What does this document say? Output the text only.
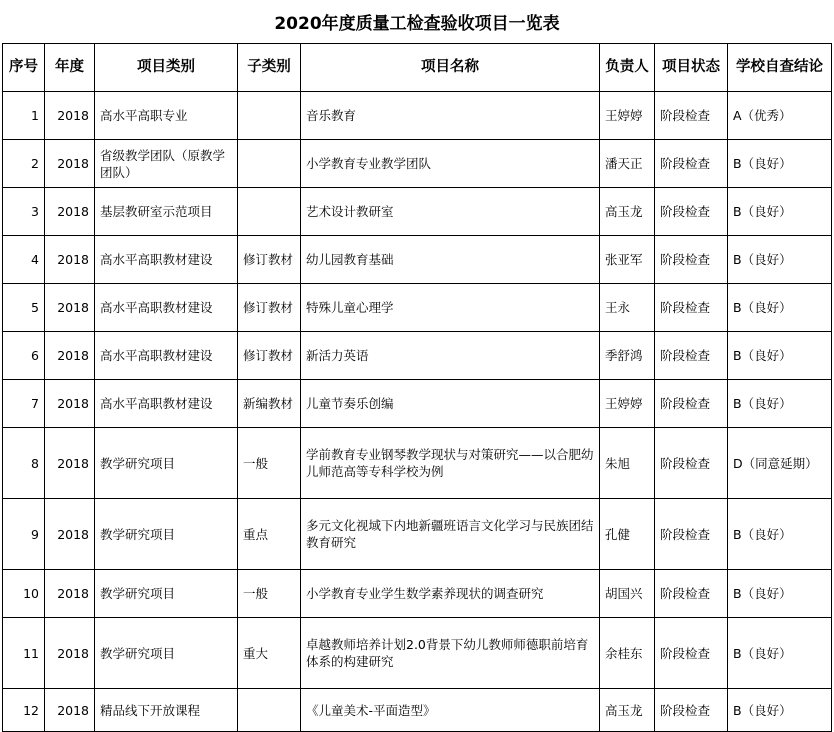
2020年度质量工检查验收项目一览表
序号	年度	项目类别	子类别	项目名称	负责人	项目状态	学校自查结论
1	2018	高水平高职专业		音乐教育	王婷婷	阶段检查	A（优秀）
2	2018	省级教学团队（原教学团队）		小学教育专业教学团队	潘天正	阶段检查	B（良好）
3	2018	基层教研室示范项目		艺术设计教研室	高玉龙	阶段检查	B（良好）
4	2018	高水平高职教材建设	修订教材	幼儿园教育基础	张亚军	阶段检查	B（良好）
5	2018	高水平高职教材建设	修订教材	特殊儿童心理学	王永	阶段检查	B（良好）
6	2018	高水平高职教材建设	修订教材	新活力英语	季舒鸿	阶段检查	B（良好）
7	2018	高水平高职教材建设	新编教材	儿童节奏乐创编	王婷婷	阶段检查	B（良好）
8	2018	教学研究项目	一般	学前教育专业钢琴教学现状与对策研究——以合肥幼儿师范高等专科学校为例	朱旭	阶段检查	D（同意延期）
9	2018	教学研究项目	重点	多元文化视域下内地新疆班语言文化学习与民族团结教育研究	孔健	阶段检查	B（良好）
10	2018	教学研究项目	一般	小学教育专业学生数学素养现状的调查研究	胡国兴	阶段检查	B（良好）
11	2018	教学研究项目	重大	卓越教师培养计划2.0背景下幼儿教师师德职前培育体系的构建研究	余桂东	阶段检查	B（良好）
12	2018	精品线下开放课程		《儿童美术-平面造型》	高玉龙	阶段检查	B（良好）
